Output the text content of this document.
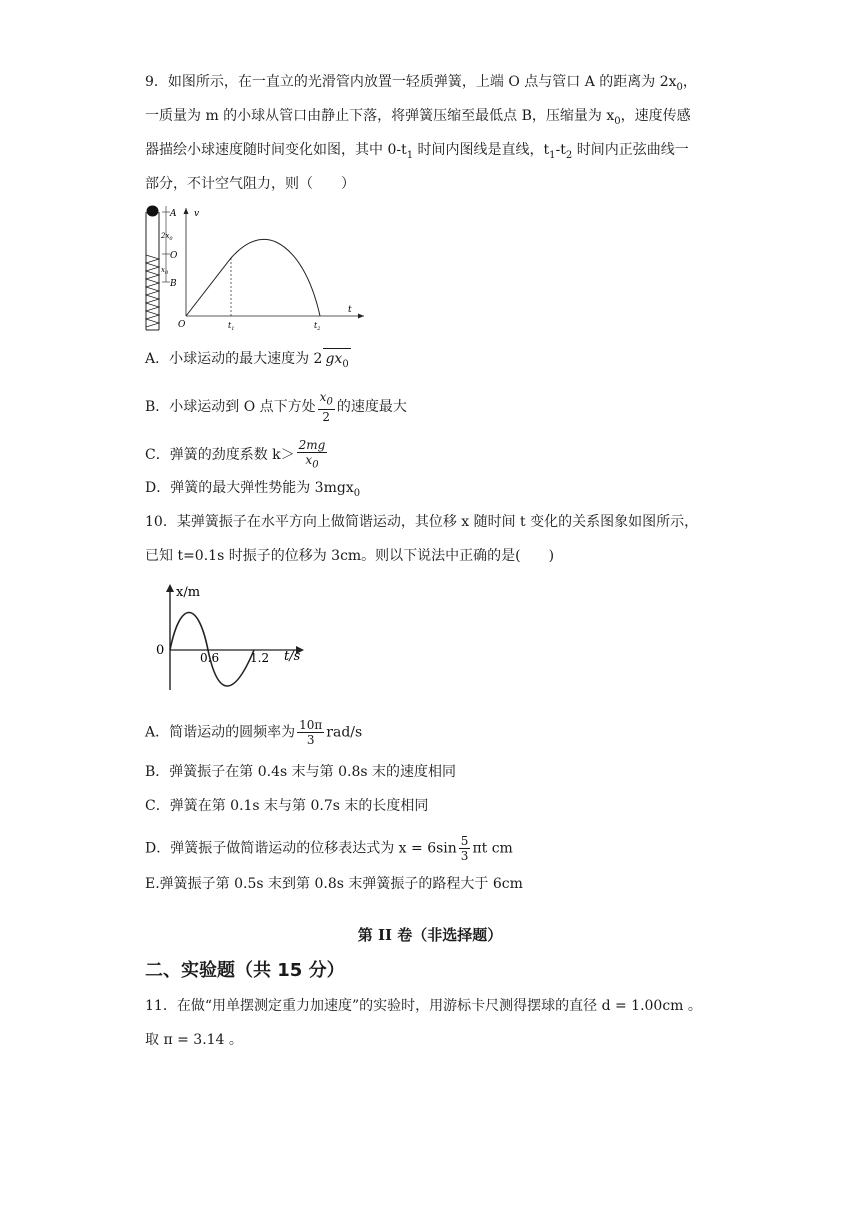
9．如图所示，在一直立的光滑管内放置一轻质弹簧，上端 O 点与管口 A 的距离为 $2x_0$，
一质量为 m 的小球从管口由静止下落，将弹簧压缩至最低点 B，压缩量为 $x_0$，速度传感
器描绘小球速度随时间变化如图，其中 $0-t_1$ 时间内图线是直线，$t_1-t_2$ 时间内正弦曲线一
部分，不计空气阻力，则（　　）
A
$2x_0$
O
$x_0$
B
v
t
O	$t_1$	$t_2$
A．小球运动的最大速度为 2 $gx_0$
B．小球运动到 O 点下方处 $\frac{x_0}{2}$ 的速度最大
C．弹簧的劲度系数 $k> \frac{2mg}{x_0}$
D．弹簧的最大弹性势能为 3mgx$_0$
10．某弹簧振子在水平方向上做简谐运动，其位移 x 随时间 t 变化的关系图象如图所示，
已知 t=0.1s 时振子的位移为 3cm。则以下说法中正确的是(　　)
x/m
0	0.6	1.2 t/s
A．简谐运动的圆频率为 $\frac{10\pi}{3} rad/s$
B．弹簧振子在第 0.4s 末与第 0.8s 末的速度相同
C．弹簧在第 0.1s 末与第 0.7s 末的长度相同
D．弹簧振子做简谐运动的位移表达式为 $x = 6\sin \frac{5}{3}$ πt cm
E.弹簧振子第 0.5s 末到第 0.8s 末弹簧振子的路程大于 6cm
第 II 卷（非选择题）
二、实验题（共 15 分）
11．在做“用单摆测定重力加速度”的实验时，用游标卡尺测得摆球的直径 d = 1.00cm 。
取 π = 3.14 。
